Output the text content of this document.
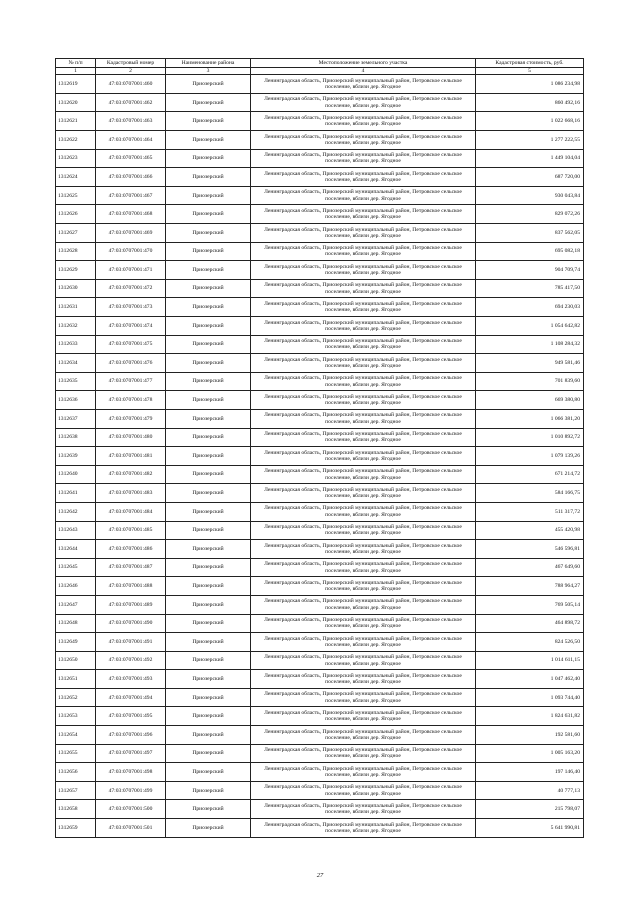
№ п/п	Кадастровый номер	Наименование района	Местоположение земельного участка	Кадастровая стоимость, руб.
1	2	3	4	5
1312619	47:03:0707001:460	Приозерский	Ленинградская область, Приозерский муниципальный район, Петровское сельское поселение, вблизи дер. Ягодное	1 086 234,98
1312620	47:03:0707001:462	Приозерский	Ленинградская область, Приозерский муниципальный район, Петровское сельское поселение, вблизи дер. Ягодное	860 492,16
1312621	47:03:0707001:463	Приозерский	Ленинградская область, Приозерский муниципальный район, Петровское сельское поселение, вблизи дер. Ягодное	1 022 668,16
1312622	47:03:0707001:464	Приозерский	Ленинградская область, Приозерский муниципальный район, Петровское сельское поселение, вблизи дер. Ягодное	1 277 222,55
1312623	47:03:0707001:465	Приозерский	Ленинградская область, Приозерский муниципальный район, Петровское сельское поселение, вблизи дер. Ягодное	1 449 104,04
1312624	47:03:0707001:466	Приозерский	Ленинградская область, Приозерский муниципальный район, Петровское сельское поселение, вблизи дер. Ягодное	687 720,00
1312625	47:03:0707001:467	Приозерский	Ленинградская область, Приозерский муниципальный район, Петровское сельское поселение, вблизи дер. Ягодное	930 043,84
1312626	47:03:0707001:468	Приозерский	Ленинградская область, Приозерский муниципальный район, Петровское сельское поселение, вблизи дер. Ягодное	829 072,26
1312627	47:03:0707001:469	Приозерский	Ленинградская область, Приозерский муниципальный район, Петровское сельское поселение, вблизи дер. Ягодное	837 562,05
1312628	47:03:0707001:470	Приозерский	Ленинградская область, Приозерский муниципальный район, Петровское сельское поселение, вблизи дер. Ягодное	695 082,18
1312629	47:03:0707001:471	Приозерский	Ленинградская область, Приозерский муниципальный район, Петровское сельское поселение, вблизи дер. Ягодное	904 709,74
1312630	47:03:0707001:472	Приозерский	Ленинградская область, Приозерский муниципальный район, Петровское сельское поселение, вблизи дер. Ягодное	785 417,50
1312631	47:03:0707001:473	Приозерский	Ленинградская область, Приозерский муниципальный район, Петровское сельское поселение, вблизи дер. Ягодное	694 230,03
1312632	47:03:0707001:474	Приозерский	Ленинградская область, Приозерский муниципальный район, Петровское сельское поселение, вблизи дер. Ягодное	1 054 642,82
1312633	47:03:0707001:475	Приозерский	Ленинградская область, Приозерский муниципальный район, Петровское сельское поселение, вблизи дер. Ягодное	1 108 284,32
1312634	47:03:0707001:476	Приозерский	Ленинградская область, Приозерский муниципальный район, Петровское сельское поселение, вблизи дер. Ягодное	949 581,46
1312635	47:03:0707001:477	Приозерский	Ленинградская область, Приозерский муниципальный район, Петровское сельское поселение, вблизи дер. Ягодное	701 839,60
1312636	47:03:0707001:478	Приозерский	Ленинградская область, Приозерский муниципальный район, Петровское сельское поселение, вблизи дер. Ягодное	669 380,80
1312637	47:03:0707001:479	Приозерский	Ленинградская область, Приозерский муниципальный район, Петровское сельское поселение, вблизи дер. Ягодное	1 066 381,20
1312638	47:03:0707001:480	Приозерский	Ленинградская область, Приозерский муниципальный район, Петровское сельское поселение, вблизи дер. Ягодное	1 010 892,72
1312639	47:03:0707001:481	Приозерский	Ленинградская область, Приозерский муниципальный район, Петровское сельское поселение, вблизи дер. Ягодное	1 079 139,26
1312640	47:03:0707001:482	Приозерский	Ленинградская область, Приозерский муниципальный район, Петровское сельское поселение, вблизи дер. Ягодное	671 214,72
1312641	47:03:0707001:483	Приозерский	Ленинградская область, Приозерский муниципальный район, Петровское сельское поселение, вблизи дер. Ягодное	584 166,75
1312642	47:03:0707001:484	Приозерский	Ленинградская область, Приозерский муниципальный район, Петровское сельское поселение, вблизи дер. Ягодное	511 317,72
1312643	47:03:0707001:485	Приозерский	Ленинградская область, Приозерский муниципальный район, Петровское сельское поселение, вблизи дер. Ягодное	455 420,98
1312644	47:03:0707001:486	Приозерский	Ленинградская область, Приозерский муниципальный район, Петровское сельское поселение, вблизи дер. Ягодное	546 596,81
1312645	47:03:0707001:487	Приозерский	Ленинградская область, Приозерский муниципальный район, Петровское сельское поселение, вблизи дер. Ягодное	467 649,60
1312646	47:03:0707001:488	Приозерский	Ленинградская область, Приозерский муниципальный район, Петровское сельское поселение, вблизи дер. Ягодное	788 964,27
1312647	47:03:0707001:489	Приозерский	Ленинградская область, Приозерский муниципальный район, Петровское сельское поселение, вблизи дер. Ягодное	769 505,14
1312648	47:03:0707001:490	Приозерский	Ленинградская область, Приозерский муниципальный район, Петровское сельское поселение, вблизи дер. Ягодное	464 898,72
1312649	47:03:0707001:491	Приозерский	Ленинградская область, Приозерский муниципальный район, Петровское сельское поселение, вблизи дер. Ягодное	824 526,50
1312650	47:03:0707001:492	Приозерский	Ленинградская область, Приозерский муниципальный район, Петровское сельское поселение, вблизи дер. Ягодное	1 014 611,15
1312651	47:03:0707001:493	Приозерский	Ленинградская область, Приозерский муниципальный район, Петровское сельское поселение, вблизи дер. Ягодное	1 047 462,40
1312652	47:03:0707001:494	Приозерский	Ленинградская область, Приозерский муниципальный район, Петровское сельское поселение, вблизи дер. Ягодное	1 093 744,40
1312653	47:03:0707001:495	Приозерский	Ленинградская область, Приозерский муниципальный район, Петровское сельское поселение, вблизи дер. Ягодное	1 824 631,82
1312654	47:03:0707001:496	Приозерский	Ленинградская область, Приозерский муниципальный район, Петровское сельское поселение, вблизи дер. Ягодное	192 581,60
1312655	47:03:0707001:497	Приозерский	Ленинградская область, Приозерский муниципальный район, Петровское сельское поселение, вблизи дер. Ягодное	1 005 163,20
1312656	47:03:0707001:498	Приозерский	Ленинградская область, Приозерский муниципальный район, Петровское сельское поселение, вблизи дер. Ягодное	197 146,40
1312657	47:03:0707001:499	Приозерский	Ленинградская область, Приозерский муниципальный район, Петровское сельское поселение, вблизи дер. Ягодное	40 777,13
1312658	47:03:0707001:500	Приозерский	Ленинградская область, Приозерский муниципальный район, Петровское сельское поселение, вблизи дер. Ягодное	215 798,07
1312659	47:03:0707001:501	Приозерский	Ленинградская область, Приозерский муниципальный район, Петровское сельское поселение, вблизи дер. Ягодное	5 641 990,81
27
